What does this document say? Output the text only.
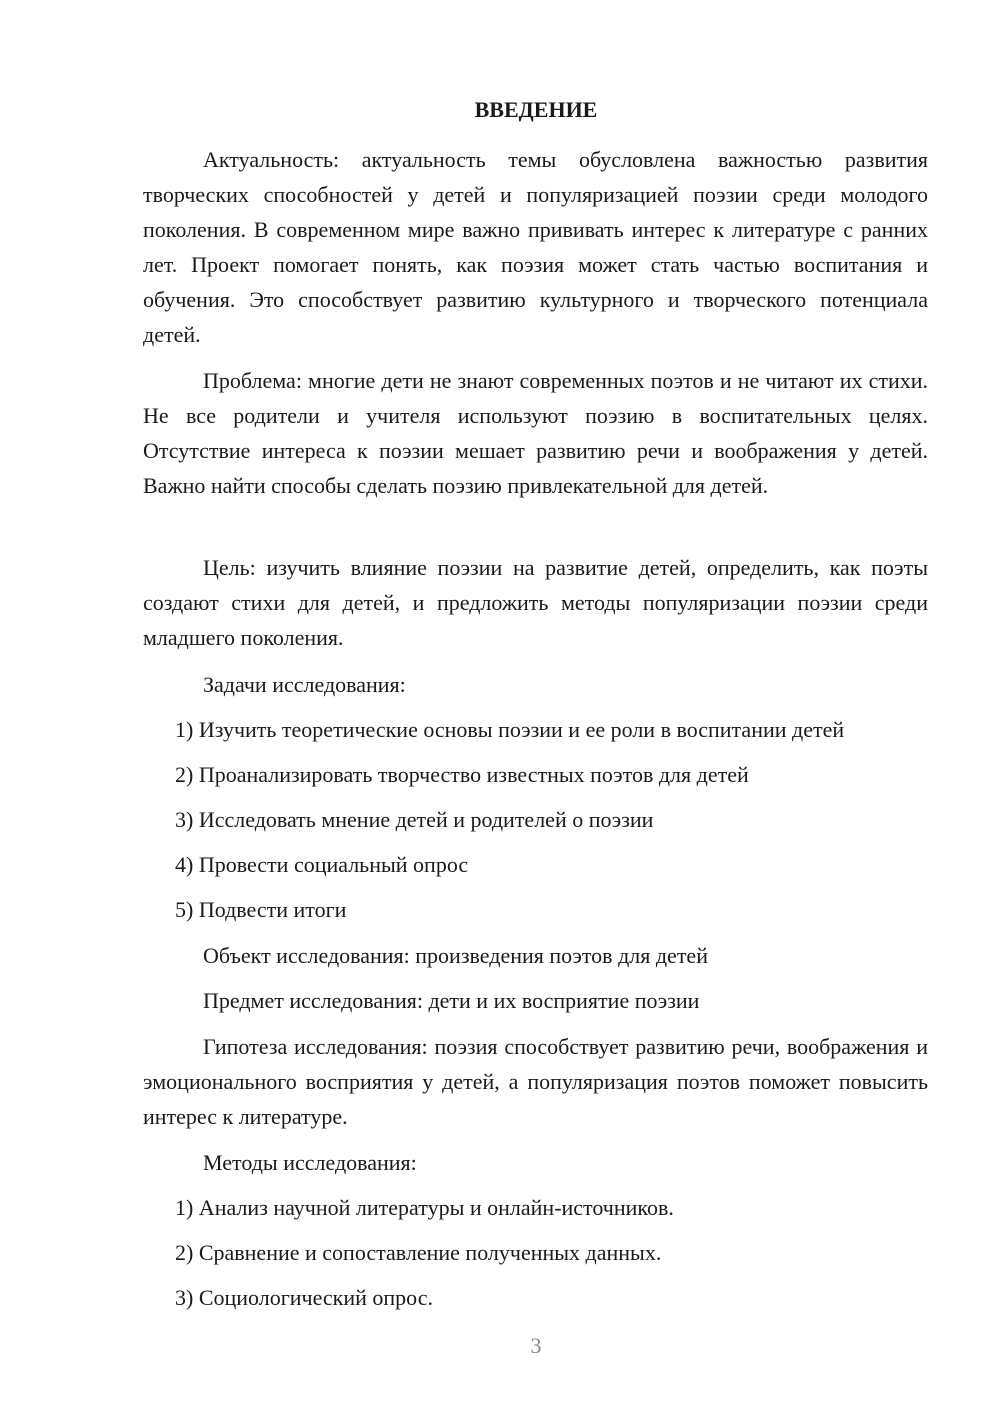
ВВЕДЕНИЕ

Актуальность: актуальность темы обусловлена важностью развития творческих способностей у детей и популяризацией поэзии среди молодого поколения. В современном мире важно прививать интерес к литературе с ранних лет. Проект помогает понять, как поэзия может стать частью воспитания и обучения. Это способствует развитию культурного и творческого потенциала детей.

Проблема: многие дети не знают современных поэтов и не читают их стихи. Не все родители и учителя используют поэзию в воспитательных целях. Отсутствие интереса к поэзии мешает развитию речи и воображения у детей. Важно найти способы сделать поэзию привлекательной для детей.

Цель: изучить влияние поэзии на развитие детей, определить, как поэты создают стихи для детей, и предложить методы популяризации поэзии среди младшего поколения.

Задачи исследования:

1) Изучить теоретические основы поэзии и ее роли в воспитании детей

2) Проанализировать творчество известных поэтов для детей

3) Исследовать мнение детей и родителей о поэзии

4) Провести социальный опрос

5) Подвести итоги

Объект исследования: произведения поэтов для детей

Предмет исследования: дети и их восприятие поэзии

Гипотеза исследования: поэзия способствует развитию речи, воображения и эмоционального восприятия у детей, а популяризация поэтов поможет повысить интерес к литературе.

Методы исследования:

1) Анализ научной литературы и онлайн-источников.

2) Сравнение и сопоставление полученных данных.

3) Социологический опрос.

3
